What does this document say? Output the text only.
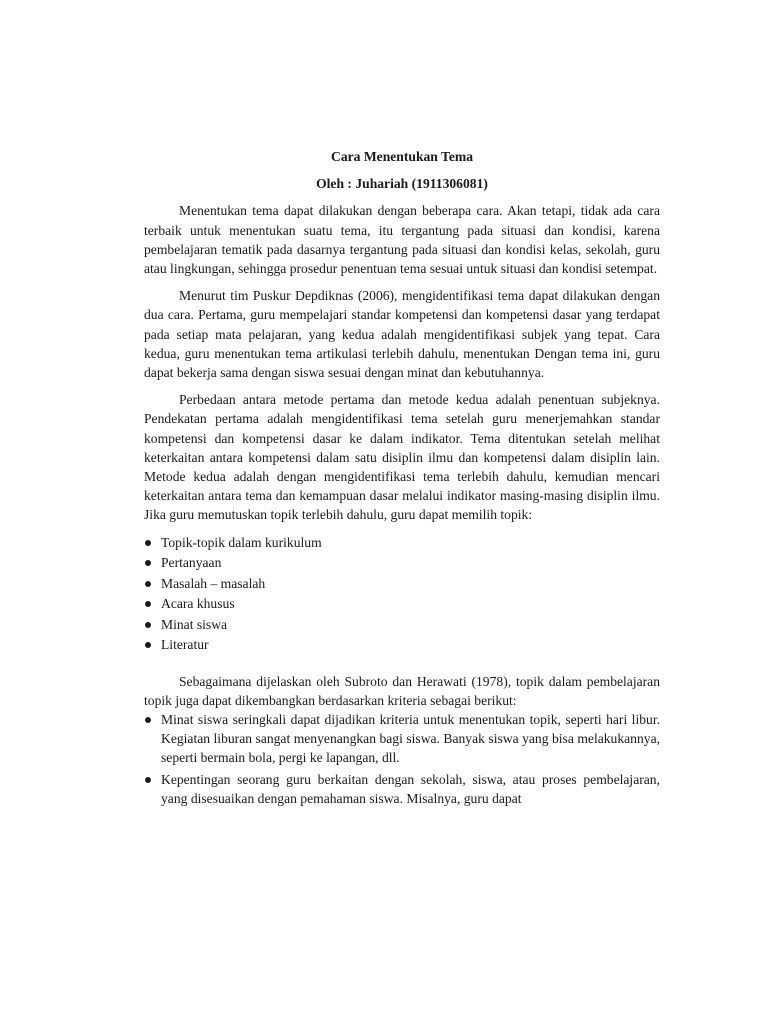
Cara Menentukan Tema
Oleh : Juhariah (1911306081)

Menentukan tema dapat dilakukan dengan beberapa cara. Akan tetapi, tidak ada cara terbaik untuk menentukan suatu tema, itu tergantung pada situasi dan kondisi, karena pembelajaran tematik pada dasarnya tergantung pada situasi dan kondisi kelas, sekolah, guru atau lingkungan, sehingga prosedur penentuan tema sesuai untuk situasi dan kondisi setempat.

Menurut tim Puskur Depdiknas (2006), mengidentifikasi tema dapat dilakukan dengan dua cara. Pertama, guru mempelajari standar kompetensi dan kompetensi dasar yang terdapat pada setiap mata pelajaran, yang kedua adalah mengidentifikasi subjek yang tepat. Cara kedua, guru menentukan tema artikulasi terlebih dahulu, menentukan Dengan tema ini, guru dapat bekerja sama dengan siswa sesuai dengan minat dan kebutuhannya.

Perbedaan antara metode pertama dan metode kedua adalah penentuan subjeknya. Pendekatan pertama adalah mengidentifikasi tema setelah guru menerjemahkan standar kompetensi dan kompetensi dasar ke dalam indikator. Tema ditentukan setelah melihat keterkaitan antara kompetensi dalam satu disiplin ilmu dan kompetensi dalam disiplin lain. Metode kedua adalah dengan mengidentifikasi tema terlebih dahulu, kemudian mencari keterkaitan antara tema dan kemampuan dasar melalui indikator masing-masing disiplin ilmu. Jika guru memutuskan topik terlebih dahulu, guru dapat memilih topik:

Topik-topik dalam kurikulum
Pertanyaan
Masalah – masalah
Acara khusus
Minat siswa
Literatur

Sebagaimana dijelaskan oleh Subroto dan Herawati (1978), topik dalam pembelajaran topik juga dapat dikembangkan berdasarkan kriteria sebagai berikut:

Minat siswa seringkali dapat dijadikan kriteria untuk menentukan topik, seperti hari libur. Kegiatan liburan sangat menyenangkan bagi siswa. Banyak siswa yang bisa melakukannya, seperti bermain bola, pergi ke lapangan, dll.
Kepentingan seorang guru berkaitan dengan sekolah, siswa, atau proses pembelajaran, yang disesuaikan dengan pemahaman siswa. Misalnya, guru dapat
